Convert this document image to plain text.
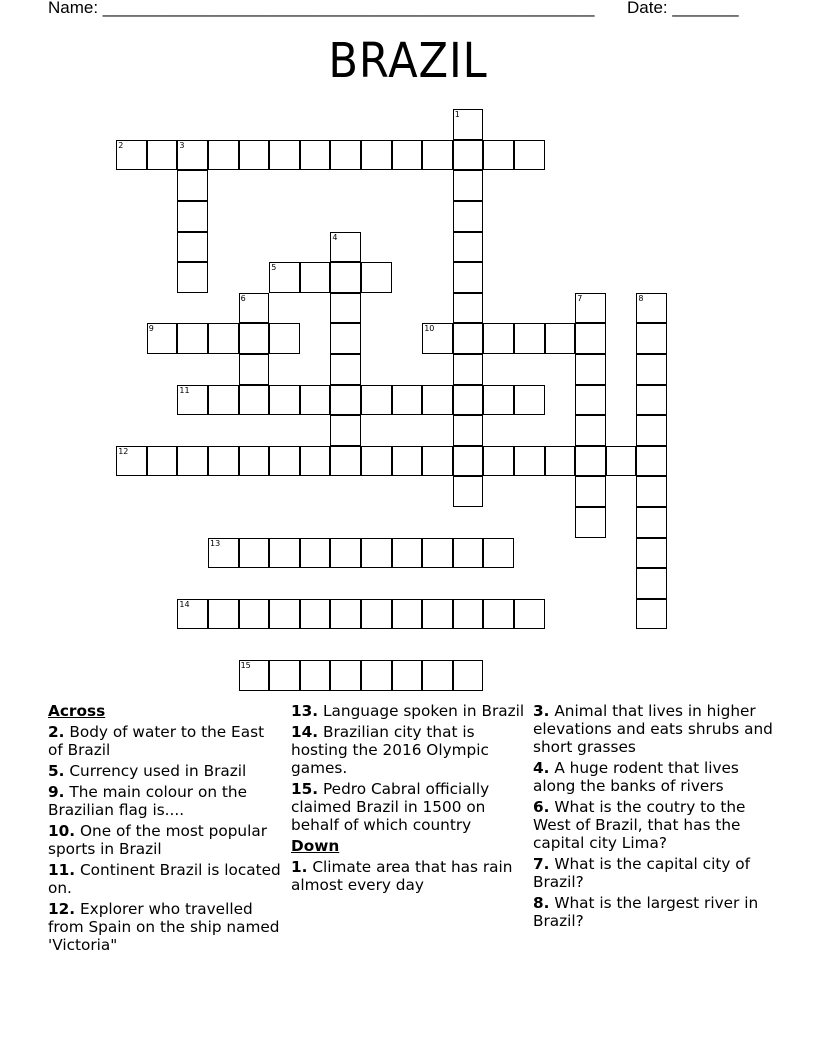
Name: ____________________________________________________ Date: _______
BRAZIL
1
2	3
4
5
6	7	8
9	10
11
12
13
14
15
Across
2. Body of water to the East of Brazil
5. Currency used in Brazil
9. The main colour on the Brazilian flag is....
10. One of the most popular sports in Brazil
11. Continent Brazil is located on.
12. Explorer who travelled from Spain on the ship named 'Victoria"
13. Language spoken in Brazil
14. Brazilian city that is hosting the 2016 Olympic games.
15. Pedro Cabral officially claimed Brazil in 1500 on behalf of which country
Down
1. Climate area that has rain almost every day
3. Animal that lives in higher elevations and eats shrubs and short grasses
4. A huge rodent that lives along the banks of rivers
6. What is the coutry to the West of Brazil, that has the capital city Lima?
7. What is the capital city of Brazil?
8. What is the largest river in Brazil?
